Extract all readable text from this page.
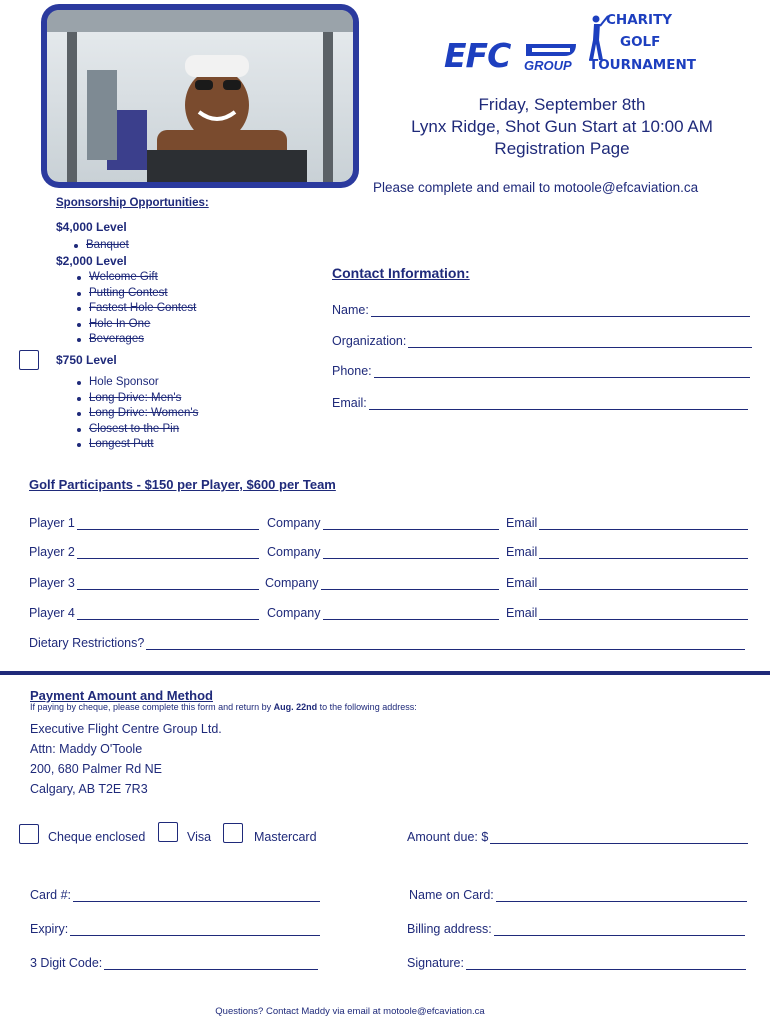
EFC GROUP
CHARITY
GOLF
TOURNAMENT
Friday, September 8th
Lynx Ridge, Shot Gun Start at 10:00 AM
Registration Page
Please complete and email to motoole@efcaviation.ca
Sponsorship Opportunities:
$4,000 Level
Banquet
$2,000 Level
Welcome Gift
Putting Contest
Fastest Hole Contest
Hole In One
Beverages
$750 Level
Hole Sponsor
Long Drive: Men's
Long Drive: Women's
Closest to the Pin
Longest Putt
Contact Information:
Name:
Organization:
Phone:
Email:
Golf Participants - $150 per Player, $600 per Team
Player 1	Company	Email
Player 2	Company	Email
Player 3	Company	Email
Player 4	Company	Email
Dietary Restrictions?
Payment Amount and Method
If paying by cheque, please complete this form and return by Aug. 22nd to the following address:
Executive Flight Centre Group Ltd.
Attn: Maddy O'Toole
200, 680 Palmer Rd NE
Calgary, AB T2E 7R3
Cheque enclosed	Visa	Mastercard	Amount due: $
Card #:	Name on Card:
Expiry:	Billing address:
3 Digit Code:	Signature:
Questions? Contact Maddy via email at motoole@efcaviation.ca
